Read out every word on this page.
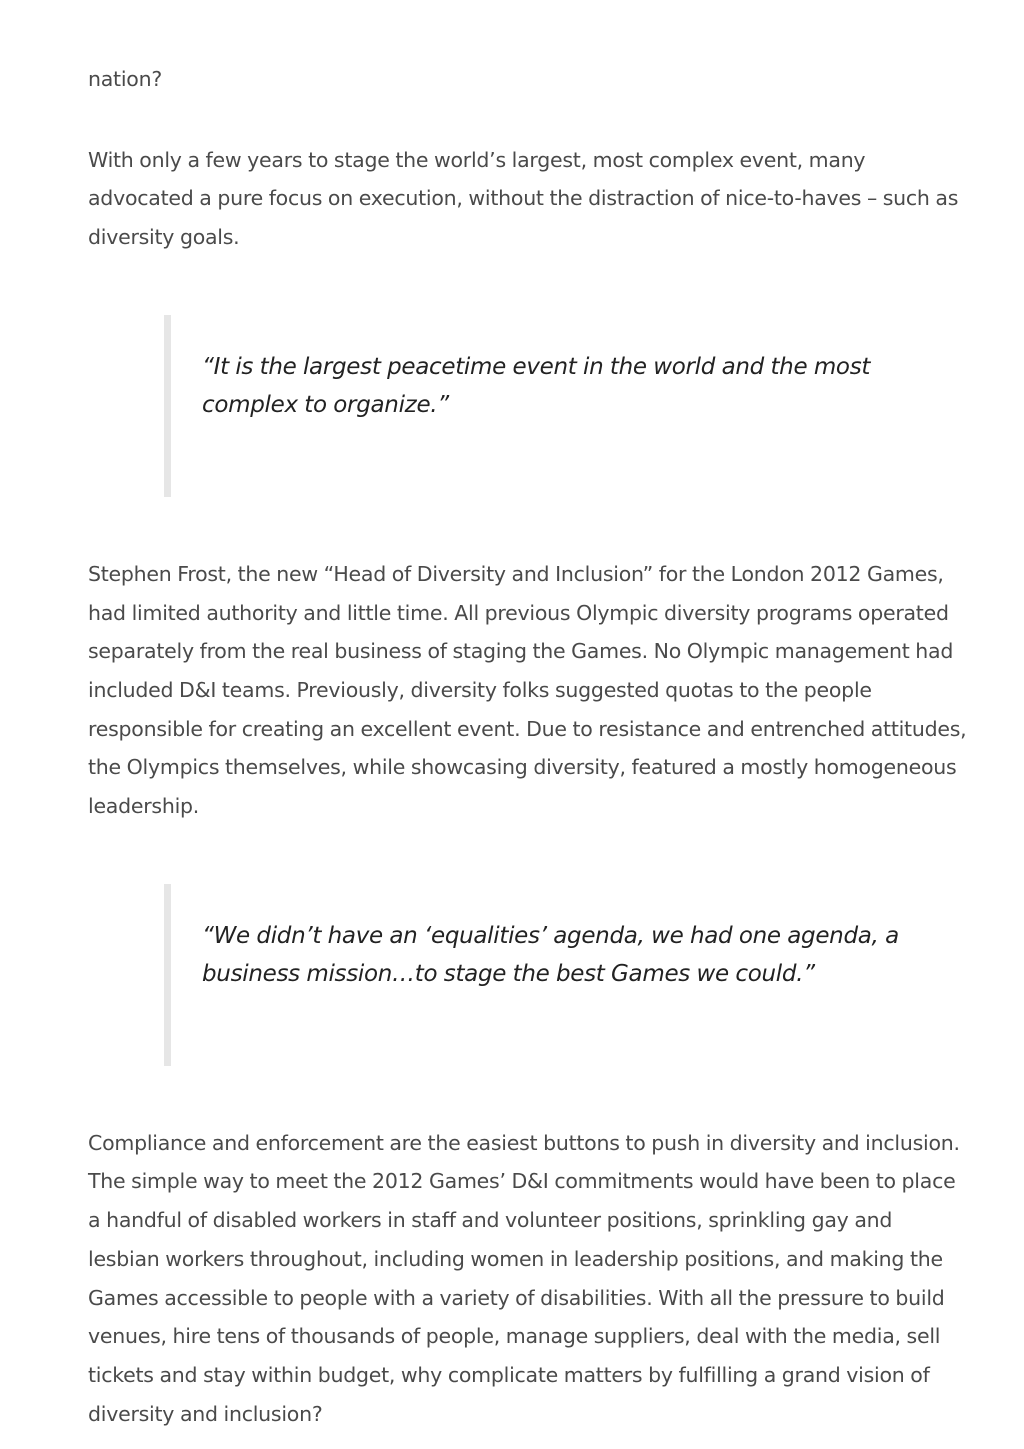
nation?

With only a few years to stage the world’s largest, most complex event, many advocated a pure focus on execution, without the distraction of nice-to-haves – such as diversity goals.

“It is the largest peacetime event in the world and the most complex to organize.”

Stephen Frost, the new “Head of Diversity and Inclusion” for the London 2012 Games, had limited authority and little time. All previous Olympic diversity programs operated separately from the real business of staging the Games. No Olympic management had included D&I teams. Previously, diversity folks suggested quotas to the people responsible for creating an excellent event. Due to resistance and entrenched attitudes, the Olympics themselves, while showcasing diversity, featured a mostly homogeneous leadership.

“We didn’t have an ‘equalities’ agenda, we had one agenda, a business mission…to stage the best Games we could.”

Compliance and enforcement are the easiest buttons to push in diversity and inclusion. The simple way to meet the 2012 Games’ D&I commitments would have been to place a handful of disabled workers in staff and volunteer positions, sprinkling gay and lesbian workers throughout, including women in leadership positions, and making the Games accessible to people with a variety of disabilities. With all the pressure to build venues, hire tens of thousands of people, manage suppliers, deal with the media, sell tickets and stay within budget, why complicate matters by fulfilling a grand vision of diversity and inclusion?
